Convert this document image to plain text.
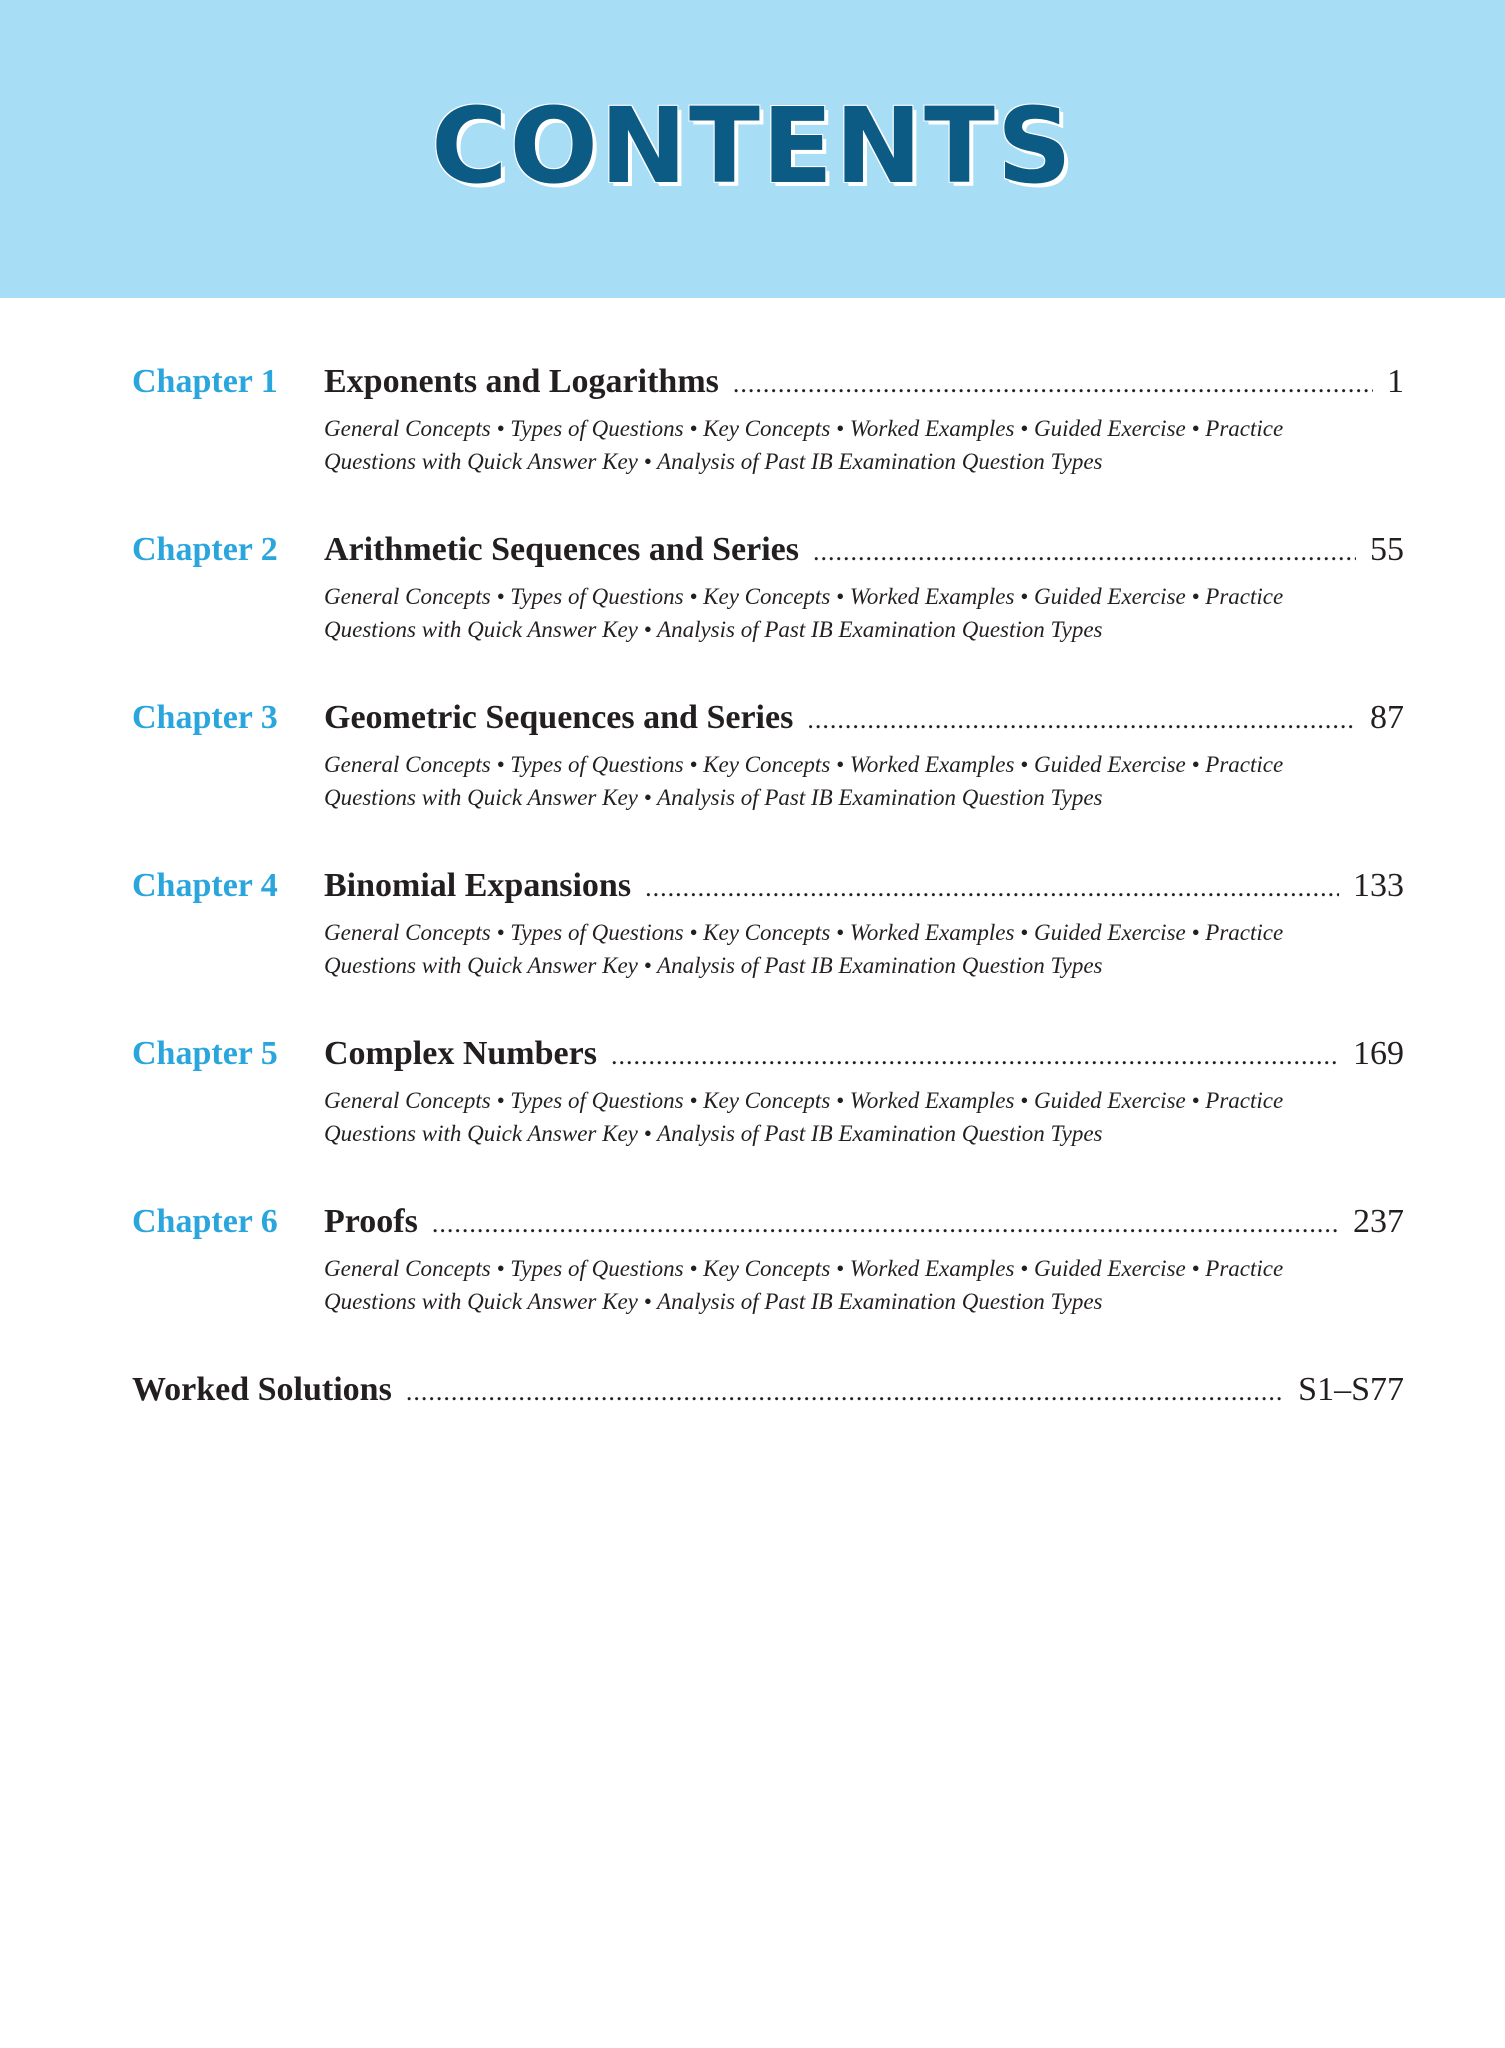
CONTENTS
Chapter 1	Exponents and Logarithms .....	1
General Concepts • Types of Questions • Key Concepts • Worked Examples • Guided Exercise • Practice Questions with Quick Answer Key • Analysis of Past IB Examination Question Types
Chapter 2	Arithmetic Sequences and Series .....	55
General Concepts • Types of Questions • Key Concepts • Worked Examples • Guided Exercise • Practice Questions with Quick Answer Key • Analysis of Past IB Examination Question Types
Chapter 3	Geometric Sequences and Series .....	87
General Concepts • Types of Questions • Key Concepts • Worked Examples • Guided Exercise • Practice Questions with Quick Answer Key • Analysis of Past IB Examination Question Types
Chapter 4	Binomial Expansions .....	133
General Concepts • Types of Questions • Key Concepts • Worked Examples • Guided Exercise • Practice Questions with Quick Answer Key • Analysis of Past IB Examination Question Types
Chapter 5	Complex Numbers .....	169
General Concepts • Types of Questions • Key Concepts • Worked Examples • Guided Exercise • Practice Questions with Quick Answer Key • Analysis of Past IB Examination Question Types
Chapter 6	Proofs .....	237
General Concepts • Types of Questions • Key Concepts • Worked Examples • Guided Exercise • Practice Questions with Quick Answer Key • Analysis of Past IB Examination Question Types
Worked Solutions .....	S1–S77
